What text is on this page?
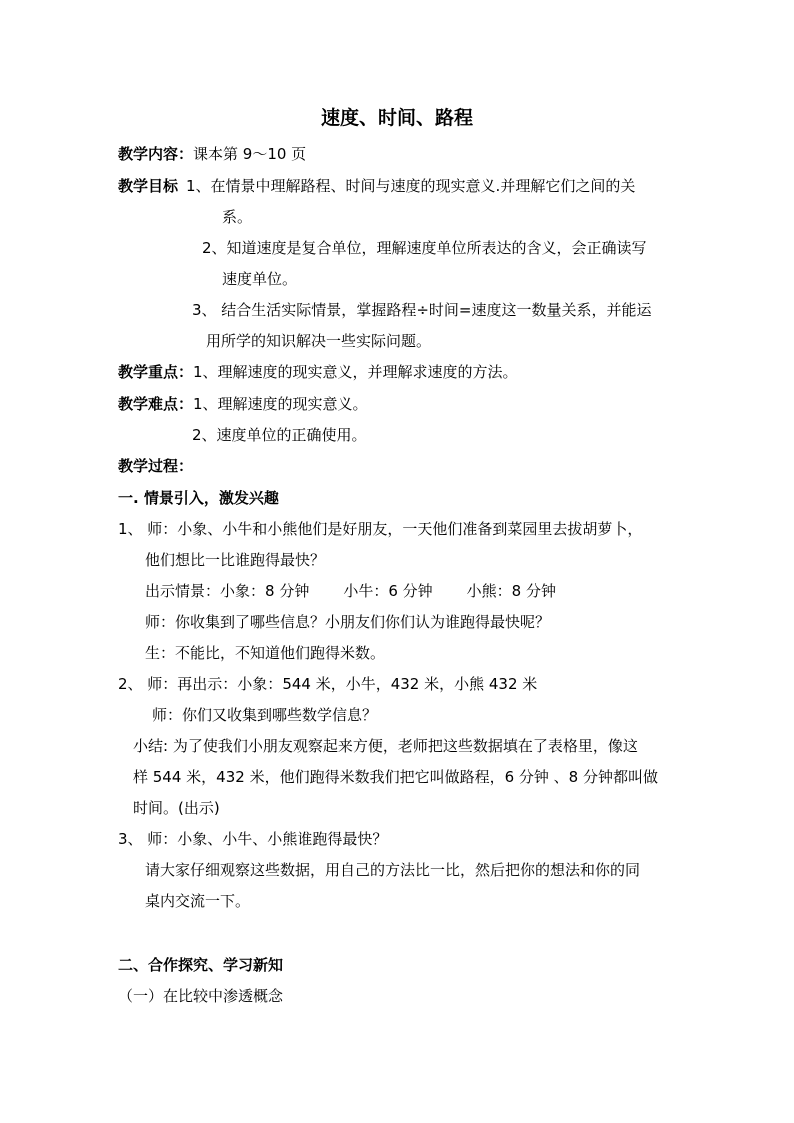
速度、时间、路程
教学内容：课本第 9～10 页
教学目标 1、在情景中理解路程、时间与速度的现实意义.并理解它们之间的关
系。
2、知道速度是复合单位，理解速度单位所表达的含义，会正确读写
速度单位。
3、 结合生活实际情景，掌握路程÷时间=速度这一数量关系，并能运
用所学的知识解决一些实际问题。
教学重点：1、理解速度的现实意义，并理解求速度的方法。
教学难点：1、理解速度的现实意义。
2、速度单位的正确使用。
教学过程：
一. 情景引入，激发兴趣
1、 师：小象、小牛和小熊他们是好朋友，一天他们准备到菜园里去拔胡萝卜，
他们想比一比谁跑得最快？
出示情景：小象：8 分钟 小牛：6 分钟 小熊：8 分钟
师：你收集到了哪些信息？小朋友们你们认为谁跑得最快呢？
生：不能比，不知道他们跑得米数。
2、 师：再出示：小象：544 米，小牛，432 米，小熊 432 米
师：你们又收集到哪些数学信息？
小结: 为了使我们小朋友观察起来方便，老师把这些数据填在了表格里，像这
样 544 米，432 米，他们跑得米数我们把它叫做路程，6 分钟 、8 分钟都叫做
时间。(出示)
3、 师：小象、小牛、小熊谁跑得最快？
请大家仔细观察这些数据，用自己的方法比一比，然后把你的想法和你的同
桌内交流一下。
二、合作探究、学习新知
（一）在比较中渗透概念
